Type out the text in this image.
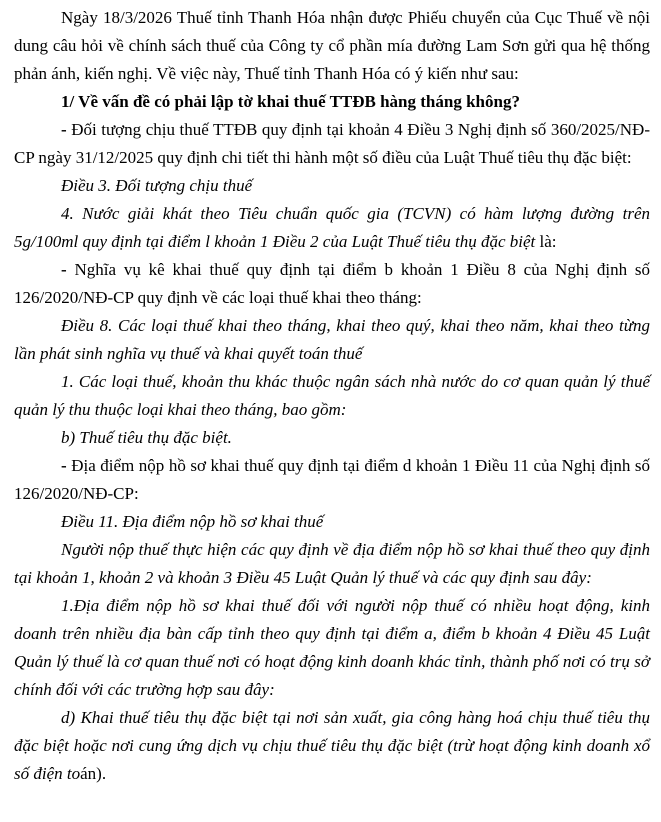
Ngày 18/3/2026 Thuế tỉnh Thanh Hóa nhận được Phiếu chuyển của Cục Thuế về nội dung câu hỏi về chính sách thuế của Công ty cổ phần mía đường Lam Sơn gửi qua hệ thống phản ánh, kiến nghị. Về việc này, Thuế tỉnh Thanh Hóa có ý kiến như sau:

1/ Về vấn đề có phải lập tờ khai thuế TTĐB hàng tháng không?

- Đối tượng chịu thuế TTĐB quy định tại khoản 4 Điều 3 Nghị định số 360/2025/NĐ-CP ngày 31/12/2025 quy định chi tiết thi hành một số điều của Luật Thuế tiêu thụ đặc biệt:

Điều 3. Đối tượng chịu thuế

4. Nước giải khát theo Tiêu chuẩn quốc gia (TCVN) có hàm lượng đường trên 5g/100ml quy định tại điểm l khoản 1 Điều 2 của Luật Thuế tiêu thụ đặc biệt là:

- Nghĩa vụ kê khai thuế quy định tại điểm b khoản 1 Điều 8 của Nghị định số 126/2020/NĐ-CP quy định về các loại thuế khai theo tháng:

Điều 8. Các loại thuế khai theo tháng, khai theo quý, khai theo năm, khai theo từng lần phát sinh nghĩa vụ thuế và khai quyết toán thuế

1. Các loại thuế, khoản thu khác thuộc ngân sách nhà nước do cơ quan quản lý thuế quản lý thu thuộc loại khai theo tháng, bao gồm:

b) Thuế tiêu thụ đặc biệt.

- Địa điểm nộp hồ sơ khai thuế quy định tại điểm d khoản 1 Điều 11 của Nghị định số 126/2020/NĐ-CP:

Điều 11. Địa điểm nộp hồ sơ khai thuế

Người nộp thuế thực hiện các quy định về địa điểm nộp hồ sơ khai thuế theo quy định tại khoản 1, khoản 2 và khoản 3 Điều 45 Luật Quản lý thuế và các quy định sau đây:

1.Địa điểm nộp hồ sơ khai thuế đối với người nộp thuế có nhiều hoạt động, kinh doanh trên nhiều địa bàn cấp tỉnh theo quy định tại điểm a, điểm b khoản 4 Điều 45 Luật Quản lý thuế là cơ quan thuế nơi có hoạt động kinh doanh khác tỉnh, thành phố nơi có trụ sở chính đối với các trường hợp sau đây:

d) Khai thuế tiêu thụ đặc biệt tại nơi sản xuất, gia công hàng hoá chịu thuế tiêu thụ đặc biệt hoặc nơi cung ứng dịch vụ chịu thuế tiêu thụ đặc biệt (trừ hoạt động kinh doanh xổ số điện toán).
